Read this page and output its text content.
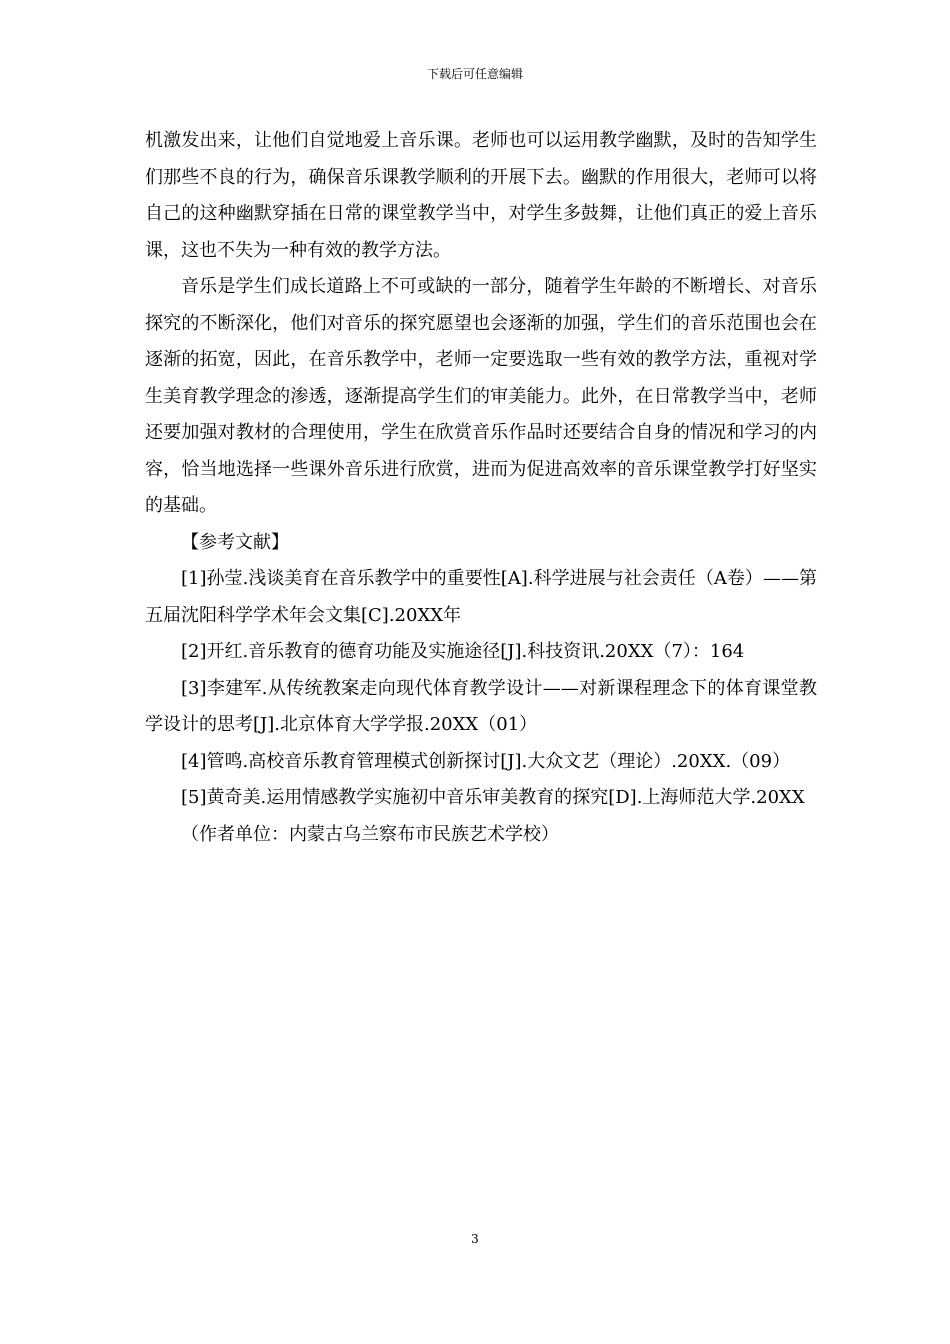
下载后可任意编辑

机激发出来，让他们自觉地爱上音乐课。老师也可以运用教学幽默，及时的告知学生们那些不良的行为，确保音乐课教学顺利的开展下去。幽默的作用很大，老师可以将自己的这种幽默穿插在日常的课堂教学当中，对学生多鼓舞，让他们真正的爱上音乐课，这也不失为一种有效的教学方法。

音乐是学生们成长道路上不可或缺的一部分，随着学生年龄的不断增长、对音乐探究的不断深化，他们对音乐的探究愿望也会逐渐的加强，学生们的音乐范围也会在逐渐的拓宽，因此，在音乐教学中，老师一定要选取一些有效的教学方法，重视对学生美育教学理念的渗透，逐渐提高学生们的审美能力。此外，在日常教学当中，老师还要加强对教材的合理使用，学生在欣赏音乐作品时还要结合自身的情况和学习的内容，恰当地选择一些课外音乐进行欣赏，进而为促进高效率的音乐课堂教学打好坚实的基础。

【参考文献】

[1]孙莹.浅谈美育在音乐教学中的重要性[A].科学进展与社会责任（A卷）——第五届沈阳科学学术年会文集[C].20XX年

[2]开红.音乐教育的德育功能及实施途径[J].科技资讯.20XX（7）：164

[3]李建军.从传统教案走向现代体育教学设计——对新课程理念下的体育课堂教学设计的思考[J].北京体育大学学报.20XX（01）

[4]管鸣.高校音乐教育管理模式创新探讨[J].大众文艺（理论）.20XX.（09）

[5]黄奇美.运用情感教学实施初中音乐审美教育的探究[D].上海师范大学.20XX

（作者单位：内蒙古乌兰察布市民族艺术学校）

3
